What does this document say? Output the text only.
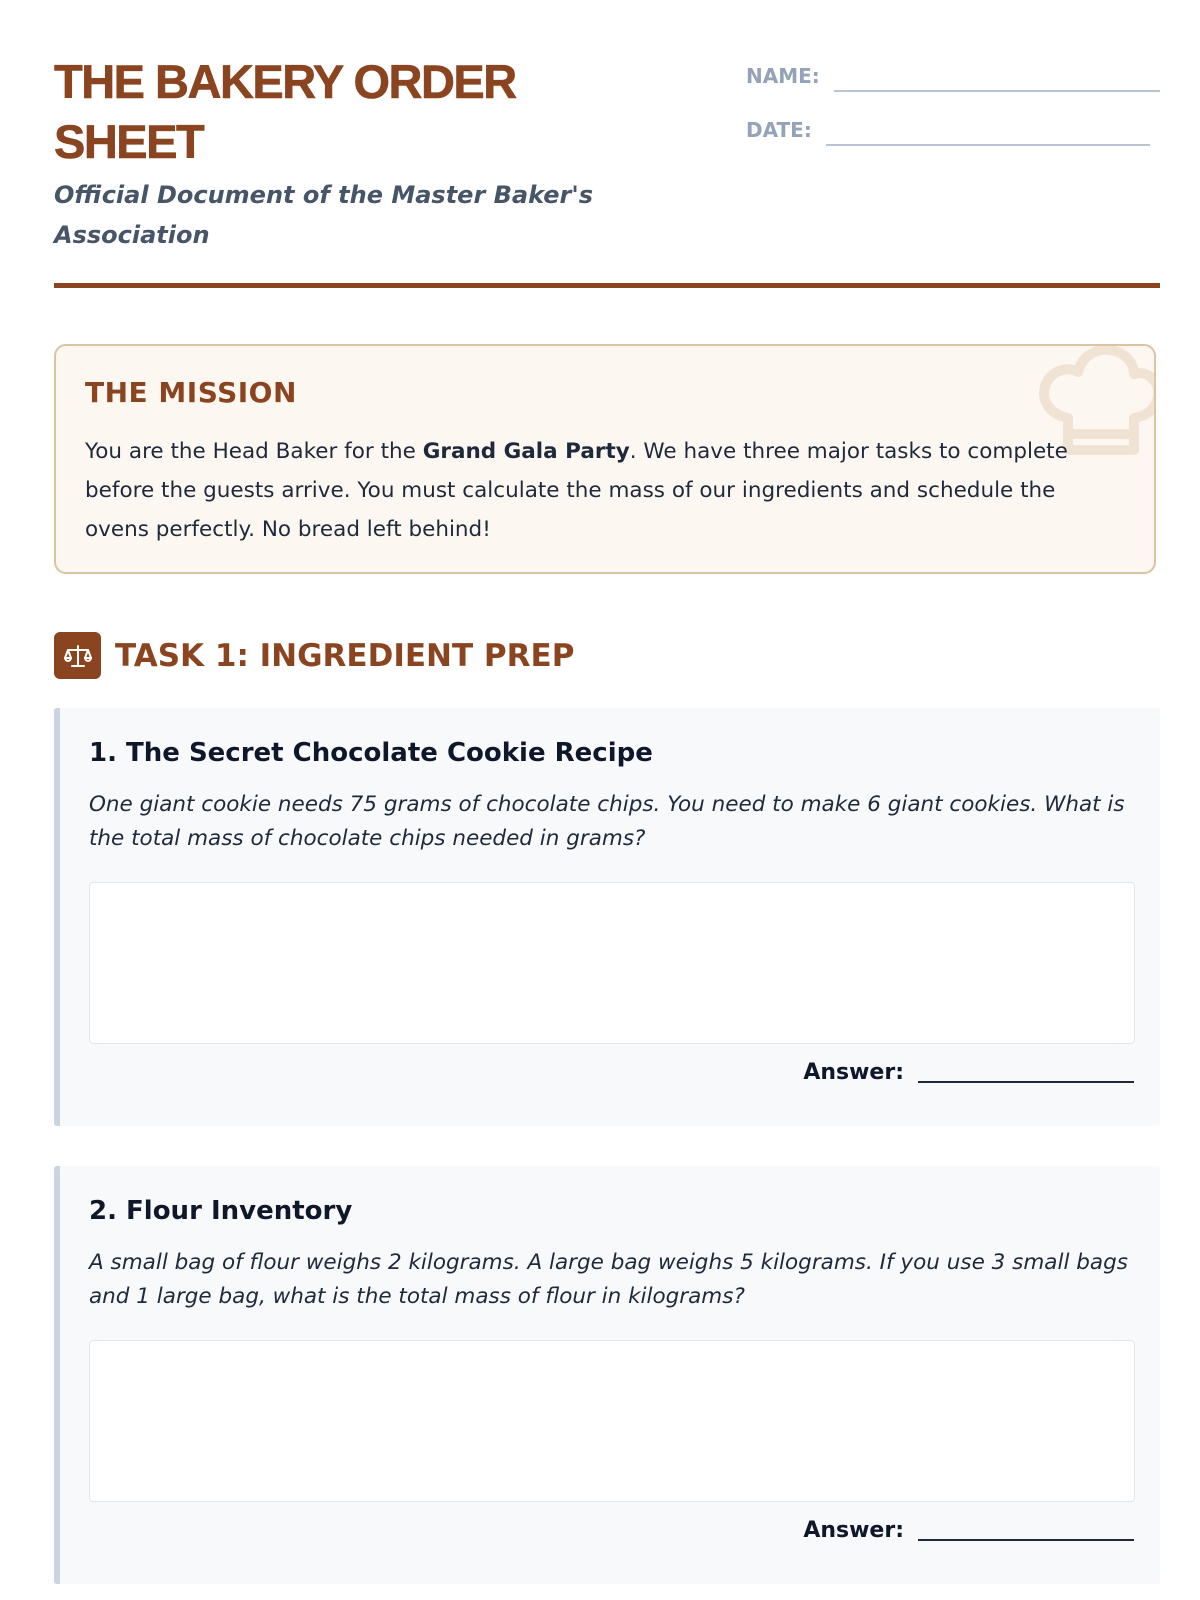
THE BAKERY ORDER SHEET

Official Document of the Master Baker's Association

NAME:
DATE:
THE MISSION

You are the Head Baker for the Grand Gala Party. We have three major tasks to complete before the guests arrive. You must calculate the mass of our ingredients and schedule the ovens perfectly. No bread left behind!

TASK 1: INGREDIENT PREP
1. The Secret Chocolate Cookie Recipe

One giant cookie needs 75 grams of chocolate chips. You need to make 6 giant cookies. What is the total mass of chocolate chips needed in grams?

Answer:
2. Flour Inventory

A small bag of flour weighs 2 kilograms. A large bag weighs 5 kilograms. If you use 3 small bags and 1 large bag, what is the total mass of flour in kilograms?

Answer:
